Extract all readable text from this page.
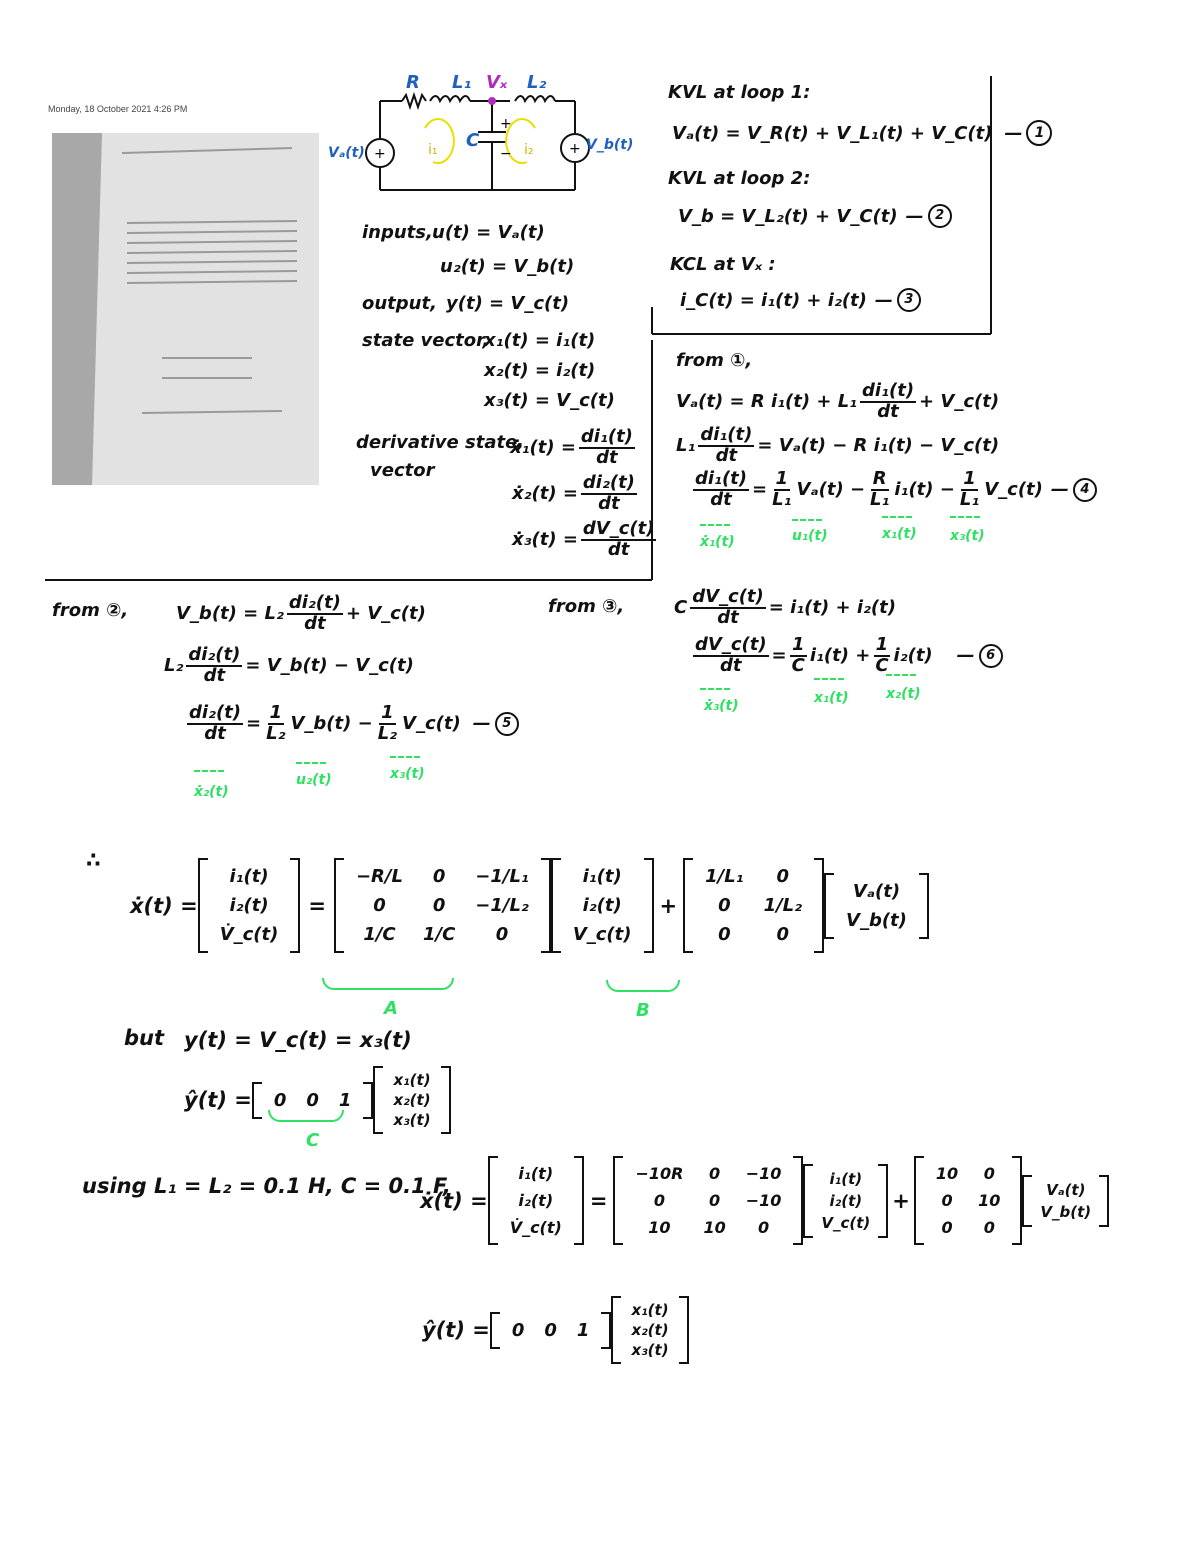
Monday, 18 October 2021 4:26 PM
+	+
+
−
R L₁ Vₓ L₂
Vₐ(t)	V_b(t)
C
i₁	i₂
KVL at loop 1:
Vₐ(t) = V_R(t) + V_L₁(t) + V_C(t) — 1
KVL at loop 2:
V_b = V_L₂(t) + V_C(t) — 2
KCL at Vₓ :
i_C(t) = i₁(t) + i₂(t) — 3
inputs, u(t) = Vₐ(t)
u₂(t) = V_b(t)
output, y(t) = V_c(t)
state vector,
x₁(t) = i₁(t)
x₂(t) = i₂(t)
x₃(t) = V_c(t)
derivative state,
vector
ẋ₁(t) = $\frac{\text{di₁(t)}}{dt}$
ẋ₂(t) = $\frac{\text{di₂(t)}}{dt}$
ẋ₃(t) = $\frac{dV\_c(t)}{dt}$
from ①,
Vₐ(t) = R $i_1(t) + L_1 \frac{\text{di₁(t)}}{dt}$ + V_c(t)
$L_1 \frac{\text{di₁(t)}}{dt} = V_a(t) - R$ i₁(t) − V_c(t)
$\frac{\text{di₁(t)}}{dt} = \frac{1}{\text{L₁}} V_a(t) - \frac{R}{\text{L₁}} i_1(t) - \frac{1}{\text{L₁}}$ V_c(t) — 4
ẋ₁(t)	u₁(t)	x₁(t) x₃(t)
from ②,	V_b(t) = $L_2 \frac{\text{di₂(t)}}{dt}$ + V_c(t)
$L_2 \frac{\text{di₂(t)}}{dt}$ = V_b(t) − V_c(t)
$\frac{\text{di₂(t)}}{dt} = \frac{1}{\text{L₂}}$ V_b(t) − $\frac{1}{\text{L₂}}$ V_c(t) — 5
ẋ₂(t)
u₂(t)	x₃(t)
from ③,	C $\frac{dV\_c(t)}{dt} = i_1(t) + i_2(t)$
$\frac{dV\_c(t)}{dt} = \frac{1}{C} i_1(t) + \frac{1}{C} i_2(t)$ — 6
ẋ₃(t)	x₁(t)	x₂(t)
∴
ẋ(t) =
i̇₁(t)
i̇₂(t)
V̇_c(t)
=
−R/L	0	−1/L₁
0	0	−1/L₂
1/C	1/C	0
i₁(t)
i₂(t)
V_c(t)
+
1/L₁	0
0	1/L₂
0	0
Vₐ(t)
V_b(t)
A	B
but y(t) = V_c(t) = x₃(t)
ŷ(t) = 0	0	1
x₁(t)
x₂(t)
x₃(t)
C
using L₁ = L₂ = 0.1 H, C = 0.1 F,
ẋ(t) =
i̇₁(t)
i̇₂(t)
V̇_c(t)
=
−10R	0	−10
0	0	−10
10	10	0
i₁(t)
i₂(t)
V_c(t)
+
10	0
0	10
0	0
Vₐ(t)
V_b(t)
ŷ(t) = 0	0	1
x₁(t)
x₂(t)
x₃(t)
